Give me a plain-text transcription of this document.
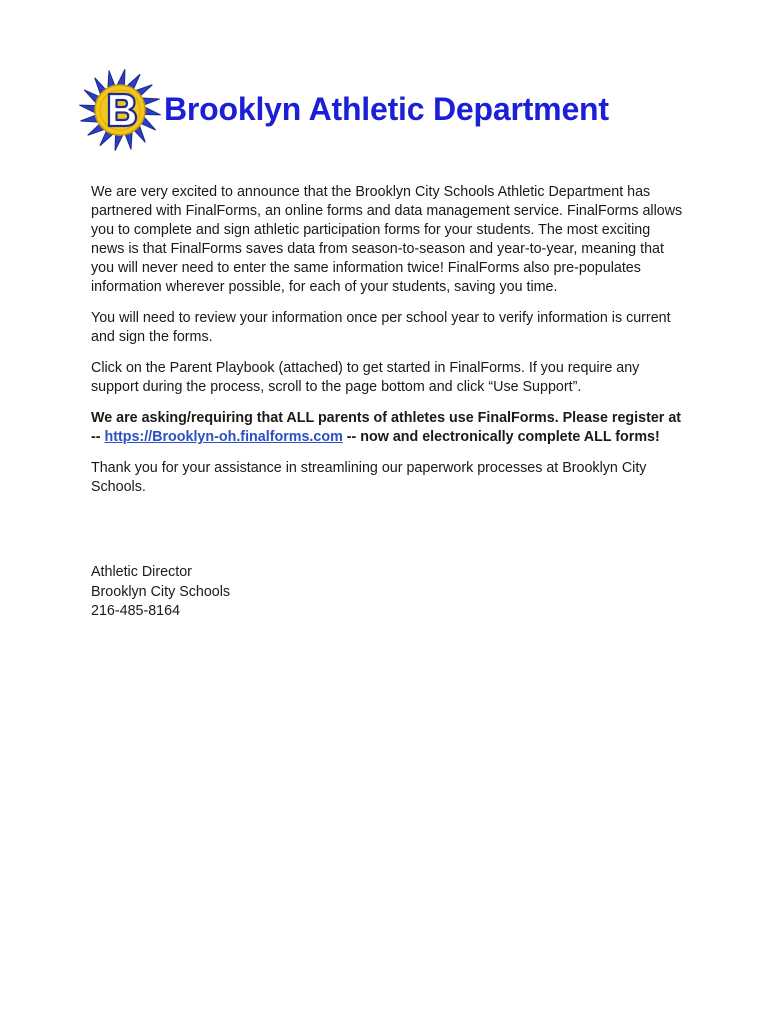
Brooklyn Athletic Department

We are very excited to announce that the Brooklyn City Schools Athletic Department has partnered with FinalForms, an online forms and data management service. FinalForms allows you to complete and sign athletic participation forms for your students. The most exciting news is that FinalForms saves data from season-to-season and year-to-year, meaning that you will never need to enter the same information twice! FinalForms also pre-populates information wherever possible, for each of your students, saving you time.

You will need to review your information once per school year to verify information is current and sign the forms.

Click on the Parent Playbook (attached) to get started in FinalForms. If you require any support during the process, scroll to the page bottom and click “Use Support”.

We are asking/requiring that ALL parents of athletes use FinalForms. Please register at -- https://Brooklyn-oh.finalforms.com -- now and electronically complete ALL forms!

Thank you for your assistance in streamlining our paperwork processes at Brooklyn City Schools.

Athletic Director
Brooklyn City Schools
216-485-8164
